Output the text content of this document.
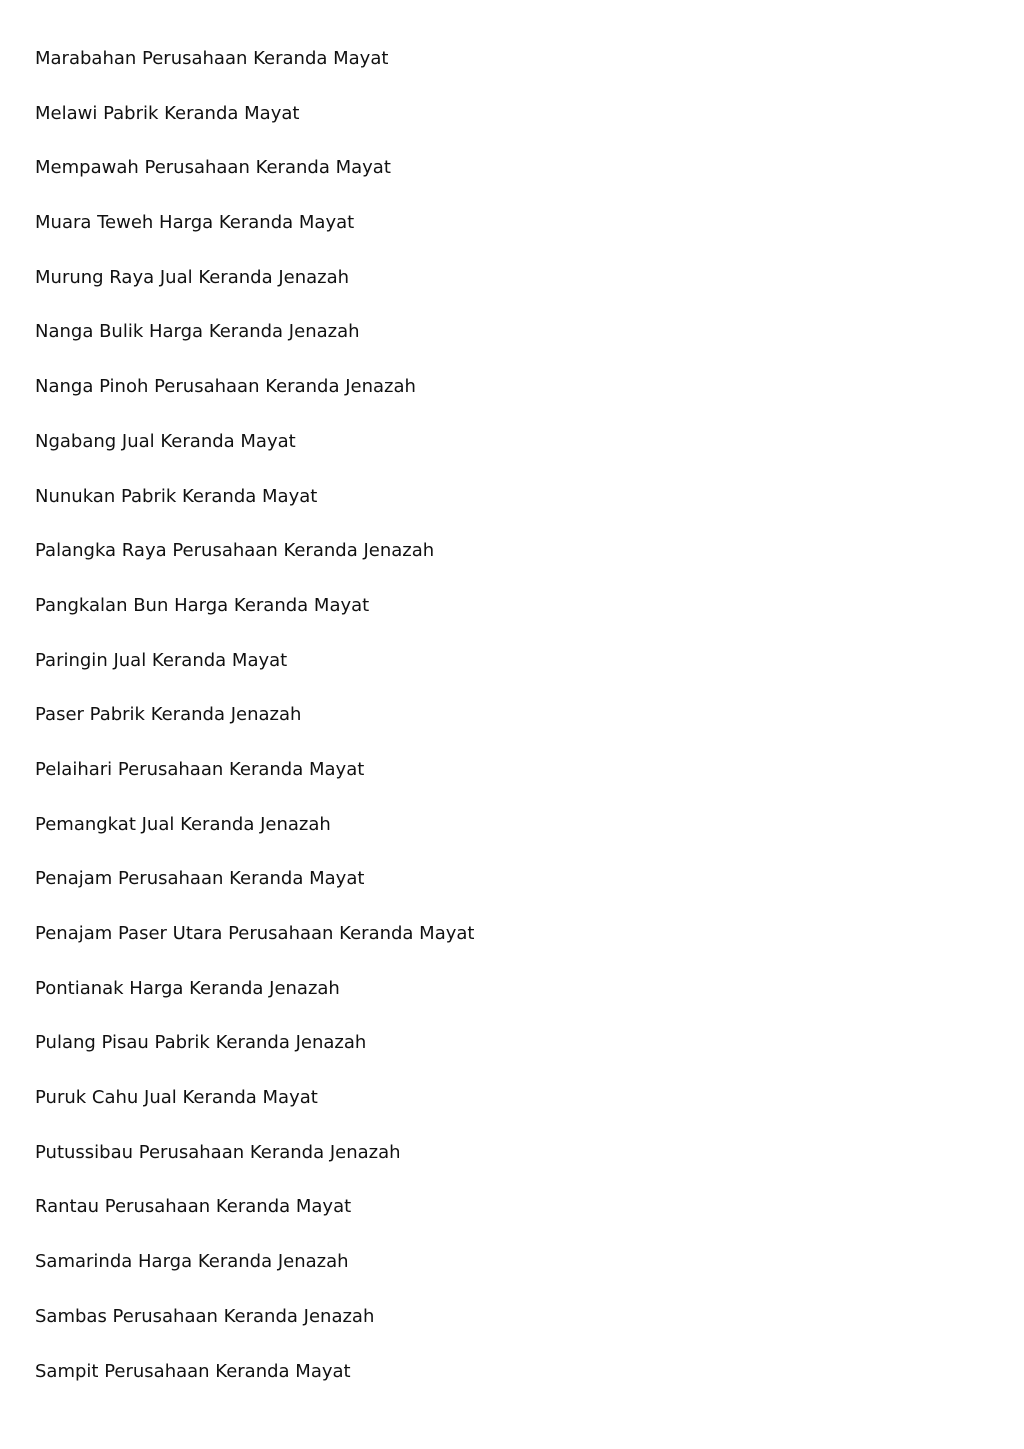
Marabahan Perusahaan Keranda Mayat
Melawi Pabrik Keranda Mayat
Mempawah Perusahaan Keranda Mayat
Muara Teweh Harga Keranda Mayat
Murung Raya Jual Keranda Jenazah
Nanga Bulik Harga Keranda Jenazah
Nanga Pinoh Perusahaan Keranda Jenazah
Ngabang Jual Keranda Mayat
Nunukan Pabrik Keranda Mayat
Palangka Raya Perusahaan Keranda Jenazah
Pangkalan Bun Harga Keranda Mayat
Paringin Jual Keranda Mayat
Paser Pabrik Keranda Jenazah
Pelaihari Perusahaan Keranda Mayat
Pemangkat Jual Keranda Jenazah
Penajam Perusahaan Keranda Mayat
Penajam Paser Utara Perusahaan Keranda Mayat
Pontianak Harga Keranda Jenazah
Pulang Pisau Pabrik Keranda Jenazah
Puruk Cahu Jual Keranda Mayat
Putussibau Perusahaan Keranda Jenazah
Rantau Perusahaan Keranda Mayat
Samarinda Harga Keranda Jenazah
Sambas Perusahaan Keranda Jenazah
Sampit Perusahaan Keranda Mayat
